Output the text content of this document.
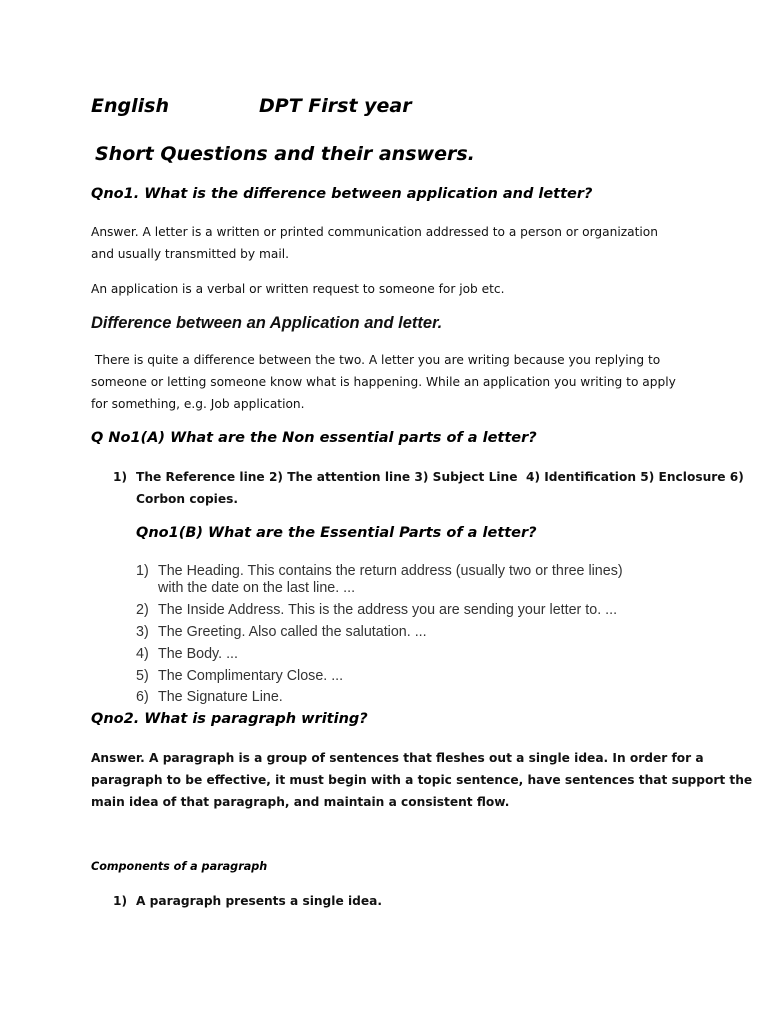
English	DPT First year
Short Questions and their answers.
Qno1. What is the difference between application and letter?
Answer. A letter is a written or printed communication addressed to a person or organization
and usually transmitted by mail.
An application is a verbal or written request to someone for job etc.
Difference between an Application and letter.
There is quite a difference between the two. A letter you are writing because you replying to
someone or letting someone know what is happening. While an application you writing to apply
for something, e.g. Job application.
Q No1(A) What are the Non essential parts of a letter?
1) The Reference line 2) The attention line 3) Subject Line  4) Identification 5) Enclosure 6)
Corbon copies.
Qno1(B) What are the Essential Parts of a letter?
1) The Heading. This contains the return address (usually two or three lines)
with the date on the last line. ...
2) The Inside Address. This is the address you are sending your letter to. ...
3) The Greeting. Also called the salutation. ...
4) The Body. ...
5) The Complimentary Close. ...
6) The Signature Line.
Qno2. What is paragraph writing?
Answer. A paragraph is a group of sentences that fleshes out a single idea. In order for a
paragraph to be effective, it must begin with a topic sentence, have sentences that support the
main idea of that paragraph, and maintain a consistent flow.
Components of a paragraph
1) A paragraph presents a single idea.
